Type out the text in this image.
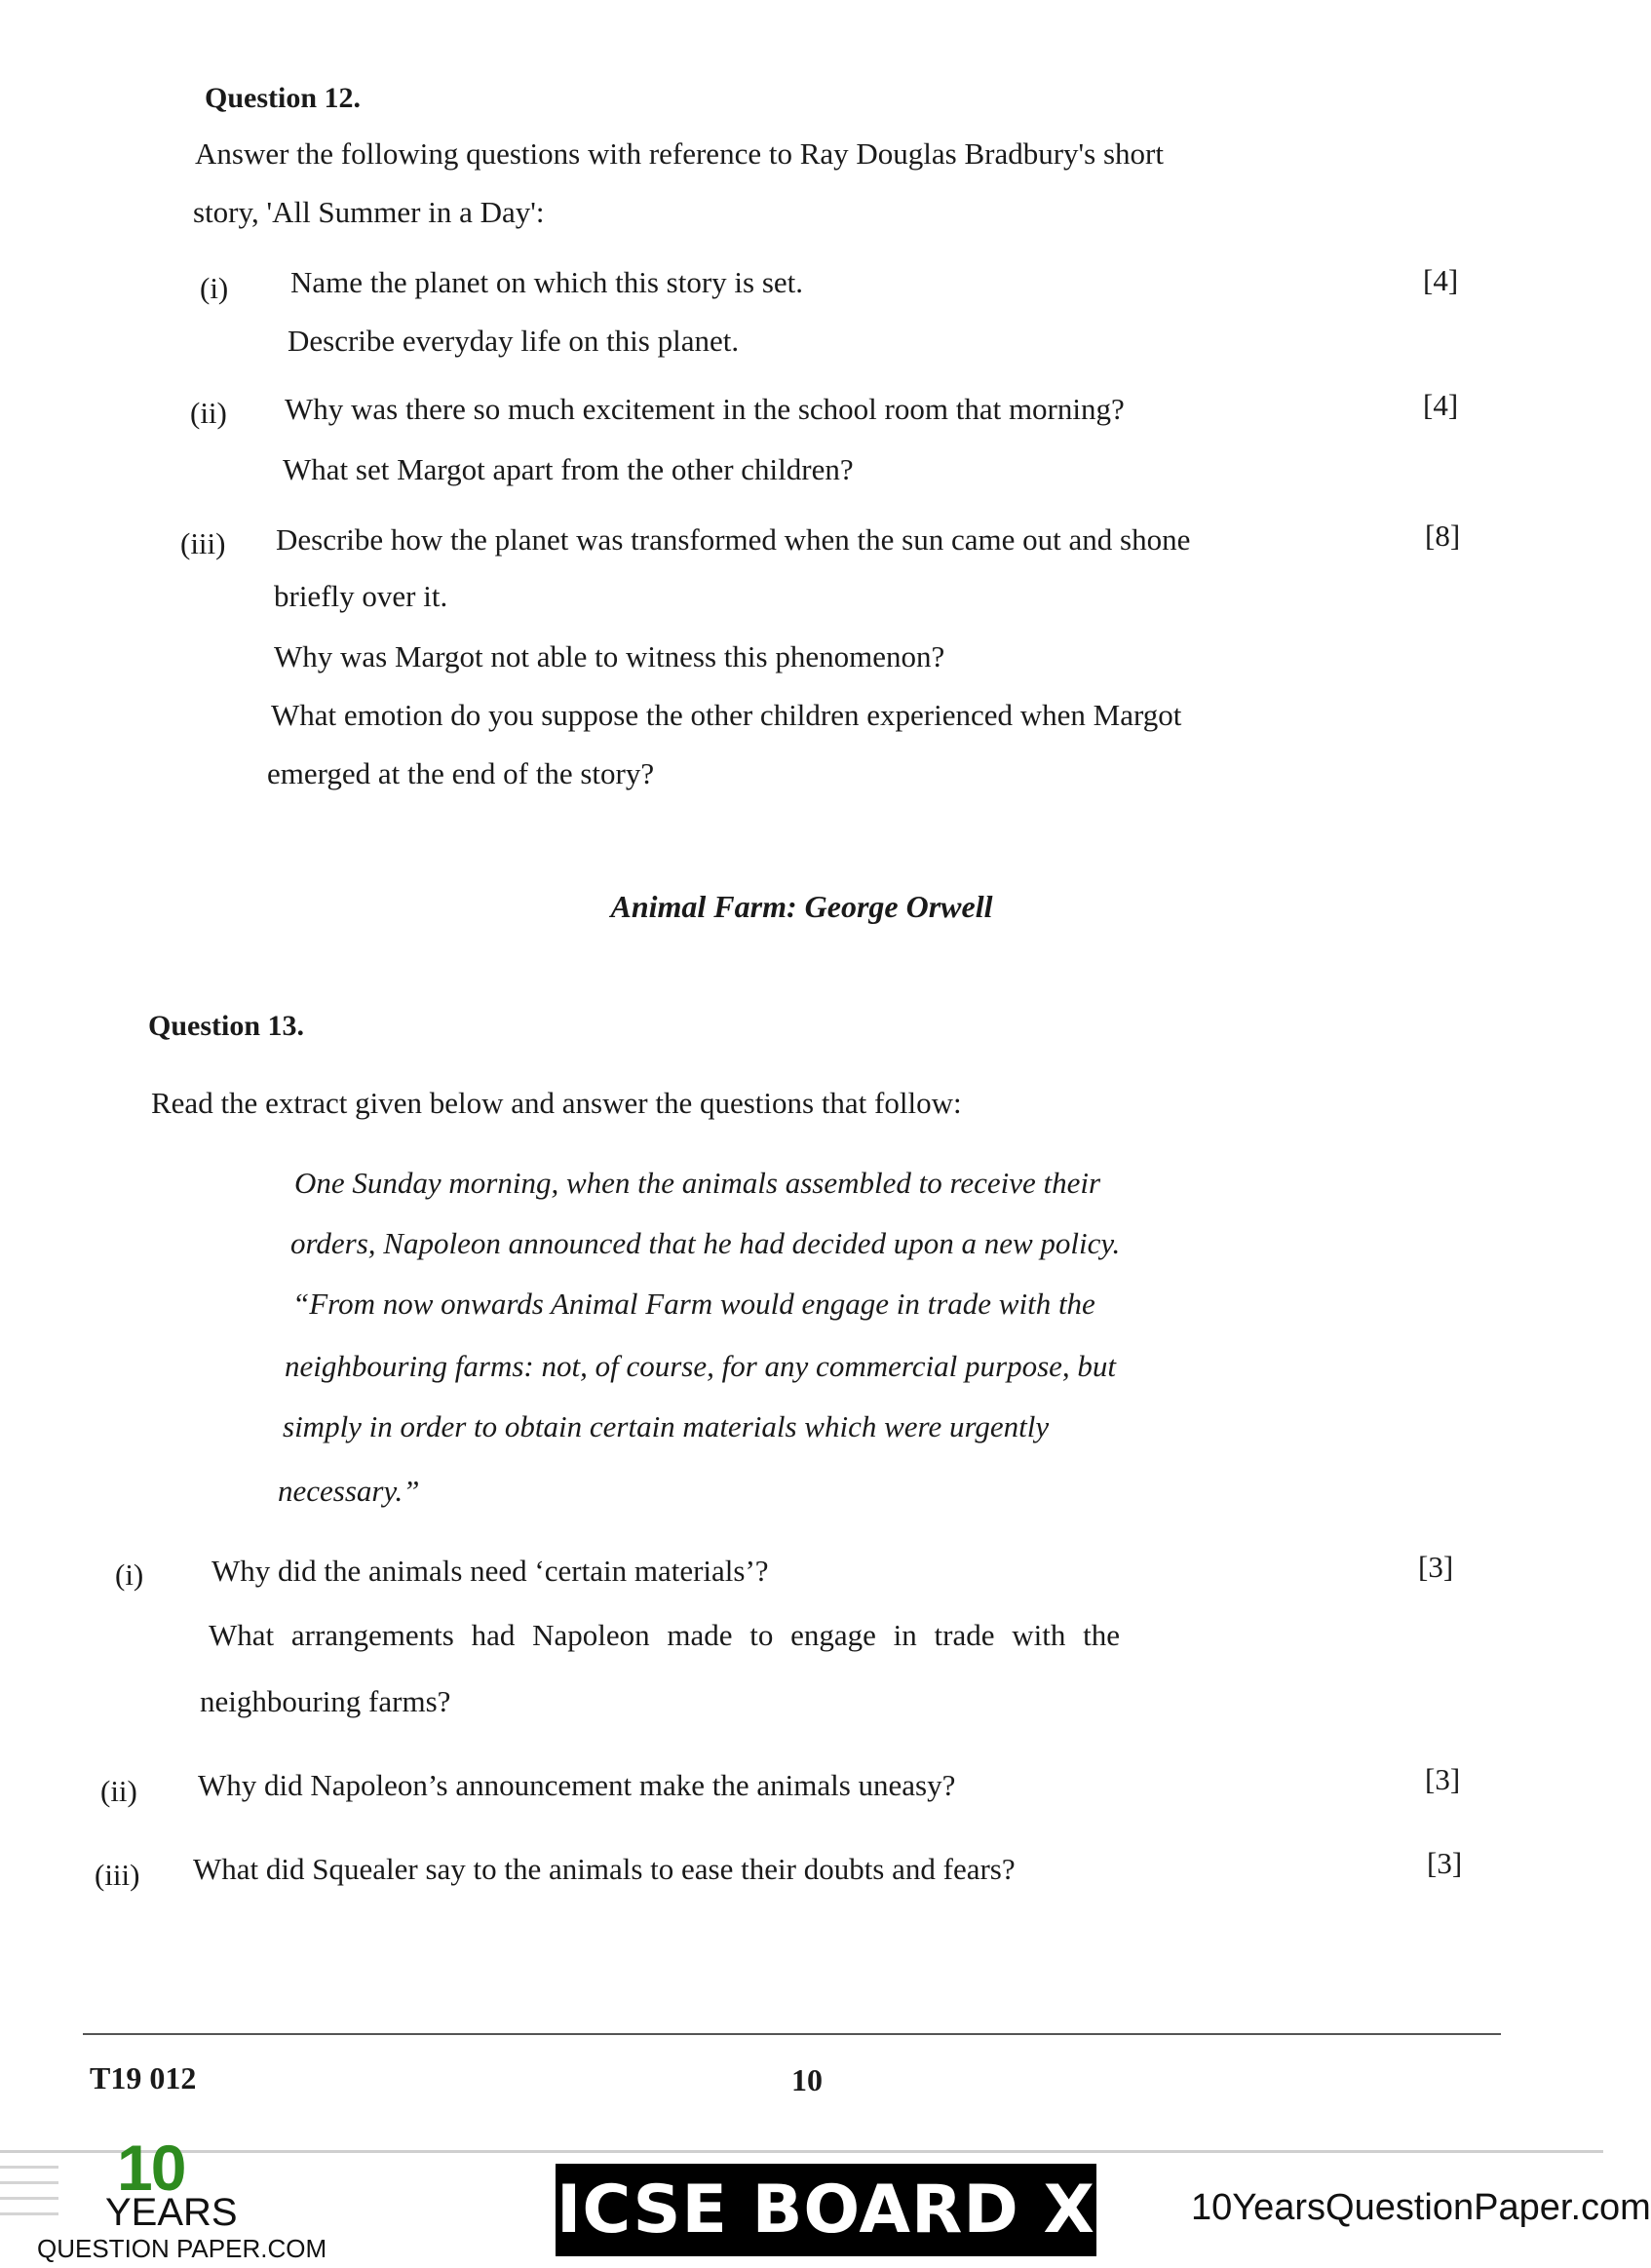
Question 12.
Answer the following questions with reference to Ray Douglas Bradbury's short
story, 'All Summer in a Day':
(i) Name the planet on which this story is set.
Describe everyday life on this planet.
[4]
(ii) Why was there so much excitement in the school room that morning?
What set Margot apart from the other children?
[4]
(iii) Describe how the planet was transformed when the sun came out and shone
briefly over it.
Why was Margot not able to witness this phenomenon?
What emotion do you suppose the other children experienced when Margot
emerged at the end of the story?
[8]
Animal Farm: George Orwell
Question 13.
Read the extract given below and answer the questions that follow:
One Sunday morning, when the animals assembled to receive their
orders, Napoleon announced that he had decided upon a new policy.
“From now onwards Animal Farm would engage in trade with the
neighbouring farms: not, of course, for any commercial purpose, but
simply in order to obtain certain materials which were urgently
necessary.”
(i) Why did the animals need ‘certain materials’?
What arrangements had Napoleon made to engage in trade with the
neighbouring farms?
[3]
(ii) Why did Napoleon’s announcement make the animals uneasy?	[3]
(iii) What did Squealer say to the animals to ease their doubts and fears?	[3]
T19 012	10
10
YEARS
QUESTION PAPER.COM	ICSE BOARD X	10YearsQuestionPaper.com
